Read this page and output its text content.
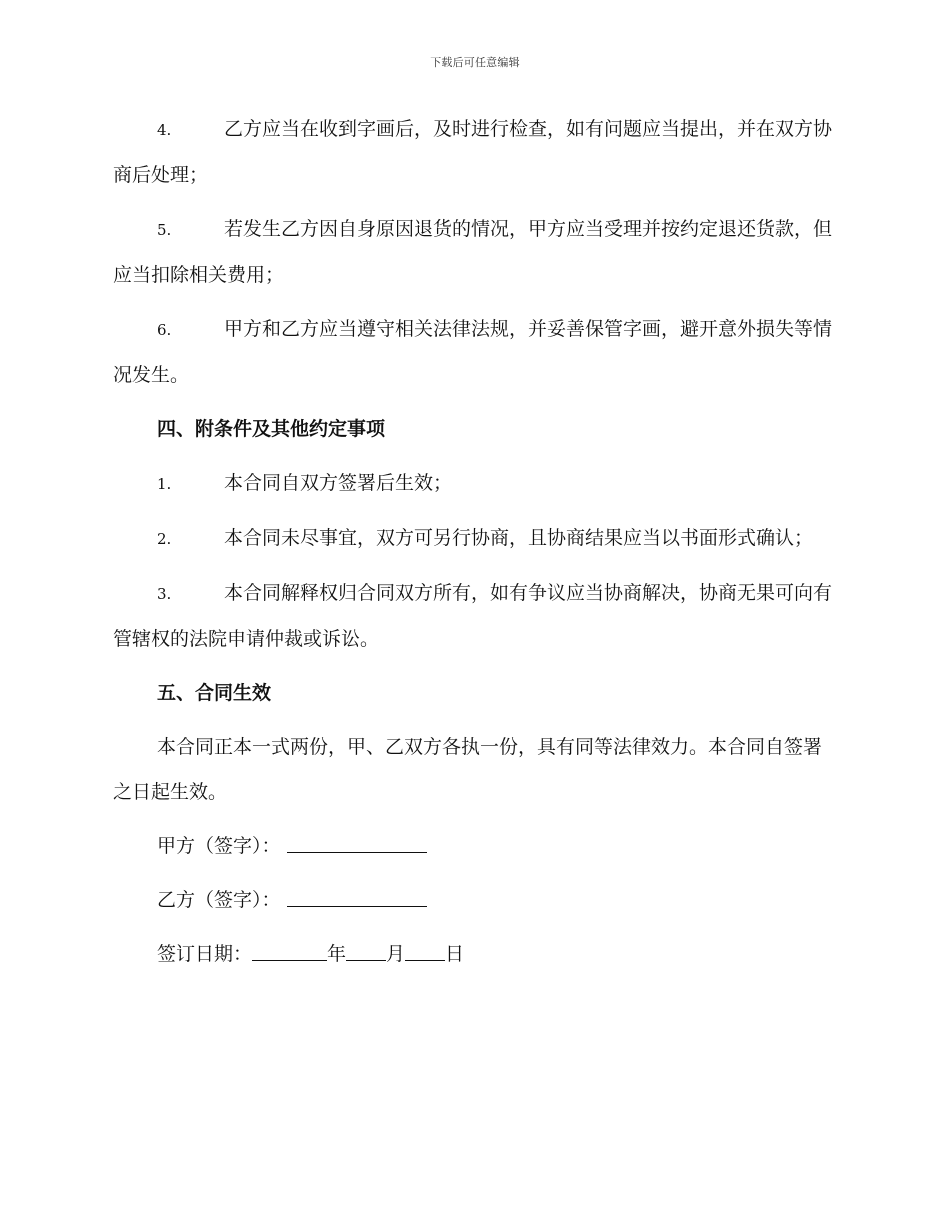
下载后可任意编辑
4.	乙方应当在收到字画后，及时进行检查，如有问题应当提出，并在双方协商后处理；
5.	若发生乙方因自身原因退货的情况，甲方应当受理并按约定退还货款，但应当扣除相关费用；
6.	甲方和乙方应当遵守相关法律法规，并妥善保管字画，避开意外损失等情况发生。
四、附条件及其他约定事项
1.	本合同自双方签署后生效；
2.	本合同未尽事宜，双方可另行协商，且协商结果应当以书面形式确认；
3.	本合同解释权归合同双方所有，如有争议应当协商解决，协商无果可向有管辖权的法院申请仲裁或诉讼。
五、合同生效
本合同正本一式两份，甲、乙双方各执一份，具有同等法律效力。本合同自签署之日起生效。
甲方（签字）：
乙方（签字）：
签订日期：	年 月 日
